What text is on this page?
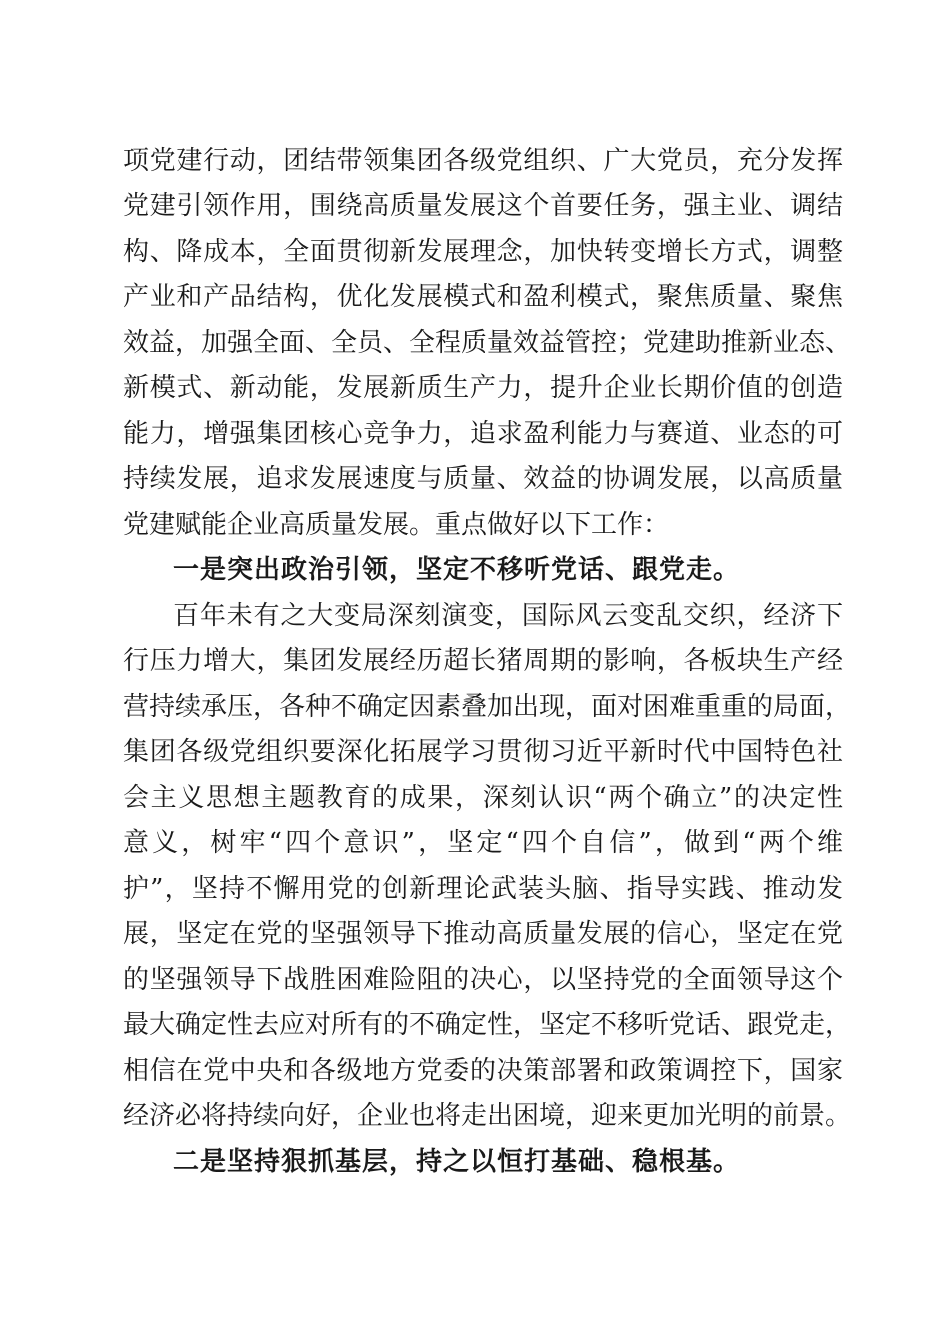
项党建行动，团结带领集团各级党组织、广大党员，充分发挥

党建引领作用，围绕高质量发展这个首要任务，强主业、调结

构、降成本，全面贯彻新发展理念，加快转变增长方式，调整

产业和产品结构，优化发展模式和盈利模式，聚焦质量、聚焦

效益，加强全面、全员、全程质量效益管控；党建助推新业态、

新模式、新动能，发展新质生产力，提升企业长期价值的创造

能力，增强集团核心竞争力，追求盈利能力与赛道、业态的可

持续发展，追求发展速度与质量、效益的协调发展，以高质量

党建赋能企业高质量发展。重点做好以下工作：

一是突出政治引领，坚定不移听党话、跟党走。

百年未有之大变局深刻演变，国际风云变乱交织，经济下

行压力增大，集团发展经历超长猪周期的影响，各板块生产经

营持续承压，各种不确定因素叠加出现，面对困难重重的局面，

集团各级党组织要深化拓展学习贯彻习近平新时代中国特色社

会主义思想主题教育的成果，深刻认识“两个确立”的决定性

意义，树牢“四个意识”，坚定“四个自信”，做到“两个维

护”，坚持不懈用党的创新理论武装头脑、指导实践、推动发

展，坚定在党的坚强领导下推动高质量发展的信心，坚定在党

的坚强领导下战胜困难险阻的决心，以坚持党的全面领导这个

最大确定性去应对所有的不确定性，坚定不移听党话、跟党走，

相信在党中央和各级地方党委的决策部署和政策调控下，国家

经济必将持续向好，企业也将走出困境，迎来更加光明的前景。

二是坚持狠抓基层，持之以恒打基础、稳根基。
